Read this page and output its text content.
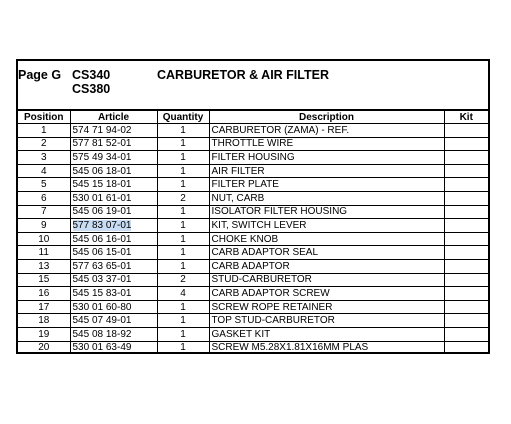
Page G CS340
CS380
CARBURETOR & AIR FILTER
Position	Article	Quantity	Description	Kit
1	574 71 94-02	1	CARBURETOR (ZAMA) - REF.	
2	577 81 52-01	1	THROTTLE WIRE	
3	575 49 34-01	1	FILTER HOUSING	
4	545 06 18-01	1	AIR FILTER	
5	545 15 18-01	1	FILTER PLATE	
6	530 01 61-01	2	NUT, CARB	
7	545 06 19-01	1	ISOLATOR FILTER HOUSING	
9	577 83 07-01	1	KIT, SWITCH LEVER	
10	545 06 16-01	1	CHOKE KNOB	
11	545 06 15-01	1	CARB ADAPTOR SEAL	
13	577 63 65-01	1	CARB ADAPTOR	
15	545 03 37-01	2	STUD-CARBURETOR	
16	545 15 83-01	4	CARB ADAPTOR SCREW	
17	530 01 60-80	1	SCREW ROPE RETAINER	
18	545 07 49-01	1	TOP STUD-CARBURETOR	
19	545 08 18-92	1	GASKET KIT	
20	530 01 63-49	1	SCREW M5.28X1.81X16MM PLAS	
